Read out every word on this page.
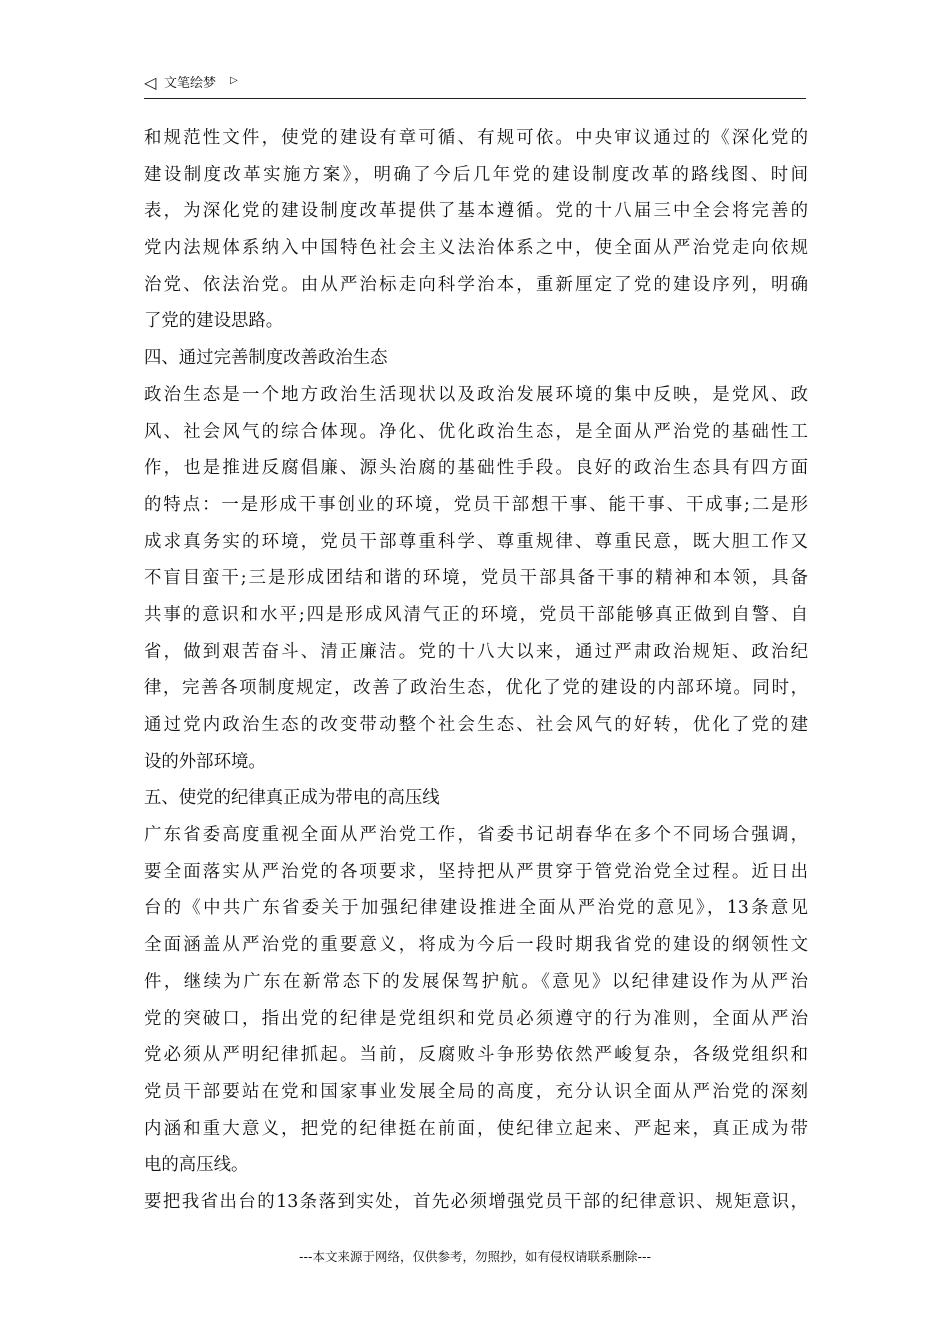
◁ 文笔绘梦 ▷
和规范性文件，使党的建设有章可循、有规可依。中央审议通过的《深化党的
建设制度改革实施方案》，明确了今后几年党的建设制度改革的路线图、时间
表，为深化党的建设制度改革提供了基本遵循。党的十八届三中全会将完善的
党内法规体系纳入中国特色社会主义法治体系之中，使全面从严治党走向依规
治党、依法治党。由从严治标走向科学治本，重新厘定了党的建设序列，明确
了党的建设思路。
四、通过完善制度改善政治生态
政治生态是一个地方政治生活现状以及政治发展环境的集中反映，是党风、政
风、社会风气的综合体现。净化、优化政治生态，是全面从严治党的基础性工
作，也是推进反腐倡廉、源头治腐的基础性手段。良好的政治生态具有四方面
的特点：一是形成干事创业的环境，党员干部想干事、能干事、干成事;二是形
成求真务实的环境，党员干部尊重科学、尊重规律、尊重民意，既大胆工作又
不盲目蛮干;三是形成团结和谐的环境，党员干部具备干事的精神和本领，具备
共事的意识和水平;四是形成风清气正的环境，党员干部能够真正做到自警、自
省，做到艰苦奋斗、清正廉洁。党的十八大以来，通过严肃政治规矩、政治纪
律，完善各项制度规定，改善了政治生态，优化了党的建设的内部环境。同时，
通过党内政治生态的改变带动整个社会生态、社会风气的好转，优化了党的建
设的外部环境。
五、使党的纪律真正成为带电的高压线
广东省委高度重视全面从严治党工作，省委书记胡春华在多个不同场合强调，
要全面落实从严治党的各项要求，坚持把从严贯穿于管党治党全过程。近日出
台的《中共广东省委关于加强纪律建设推进全面从严治党的意见》，13条意见
全面涵盖从严治党的重要意义，将成为今后一段时期我省党的建设的纲领性文
件，继续为广东在新常态下的发展保驾护航。《意见》以纪律建设作为从严治
党的突破口，指出党的纪律是党组织和党员必须遵守的行为准则，全面从严治
党必须从严明纪律抓起。当前，反腐败斗争形势依然严峻复杂，各级党组织和
党员干部要站在党和国家事业发展全局的高度，充分认识全面从严治党的深刻
内涵和重大意义，把党的纪律挺在前面，使纪律立起来、严起来，真正成为带
电的高压线。
要把我省出台的13条落到实处，首先必须增强党员干部的纪律意识、规矩意识，
---本文来源于网络，仅供参考，勿照抄，如有侵权请联系删除---
